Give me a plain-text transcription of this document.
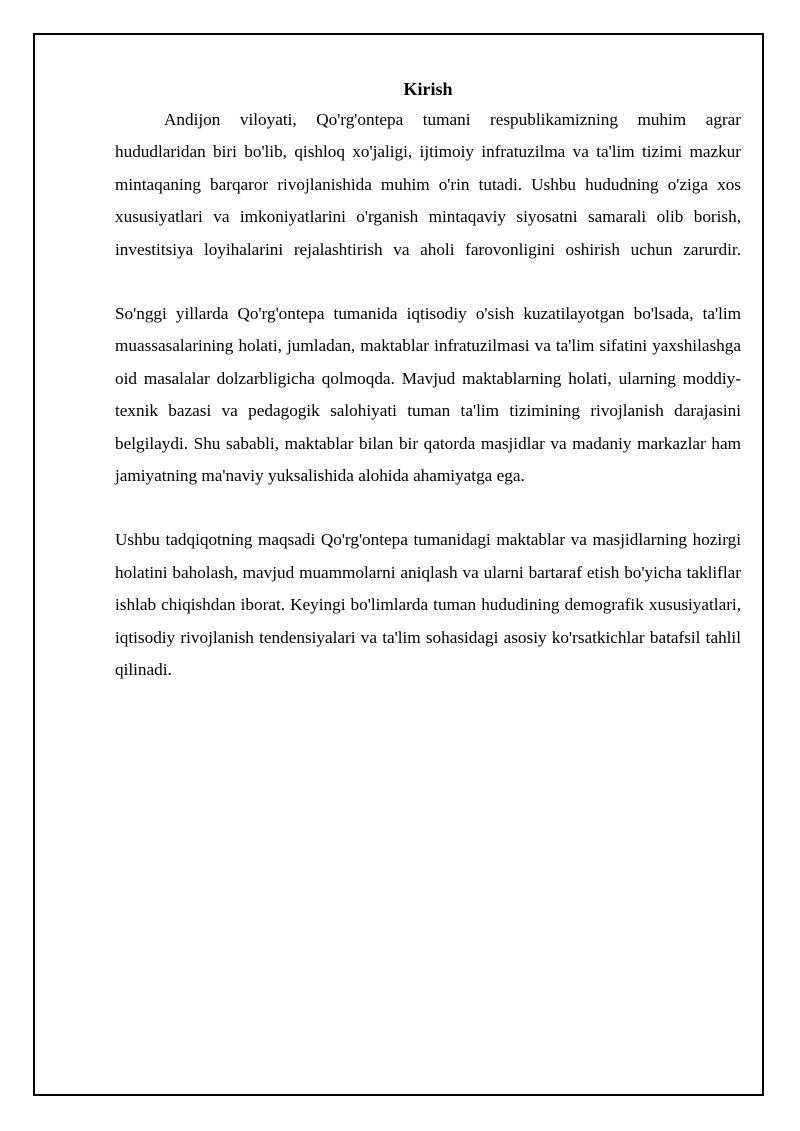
Kirish

Andijon viloyati, Qo'rg'ontepa tumani respublikamizning muhim agrar hududlaridan biri bo'lib, qishloq xo'jaligi, ijtimoiy infratuzilma va ta'lim tizimi mazkur mintaqaning barqaror rivojlanishida muhim o'rin tutadi. Ushbu hududning o'ziga xos xususiyatlari va imkoniyatlarini o'rganish mintaqaviy siyosatni samarali olib borish, investitsiya loyihalarini rejalashtirish va aholi farovonligini oshirish uchun zarurdir.

So'nggi yillarda Qo'rg'ontepa tumanida iqtisodiy o'sish kuzatilayotgan bo'lsada, ta'lim muassasalarining holati, jumladan, maktablar infratuzilmasi va ta'lim sifatini yaxshilashga oid masalalar dolzarbligicha qolmoqda. Mavjud maktablarning holati, ularning moddiy-texnik bazasi va pedagogik salohiyati tuman ta'lim tizimining rivojlanish darajasini belgilaydi. Shu sababli, maktablar bilan bir qatorda masjidlar va madaniy markazlar ham jamiyatning ma'naviy yuksalishida alohida ahamiyatga ega.

Ushbu tadqiqotning maqsadi Qo'rg'ontepa tumanidagi maktablar va masjidlarning hozirgi holatini baholash, mavjud muammolarni aniqlash va ularni bartaraf etish bo'yicha takliflar ishlab chiqishdan iborat. Keyingi bo'limlarda tuman hududining demografik xususiyatlari, iqtisodiy rivojlanish tendensiyalari va ta'lim sohasidagi asosiy ko'rsatkichlar batafsil tahlil qilinadi.
